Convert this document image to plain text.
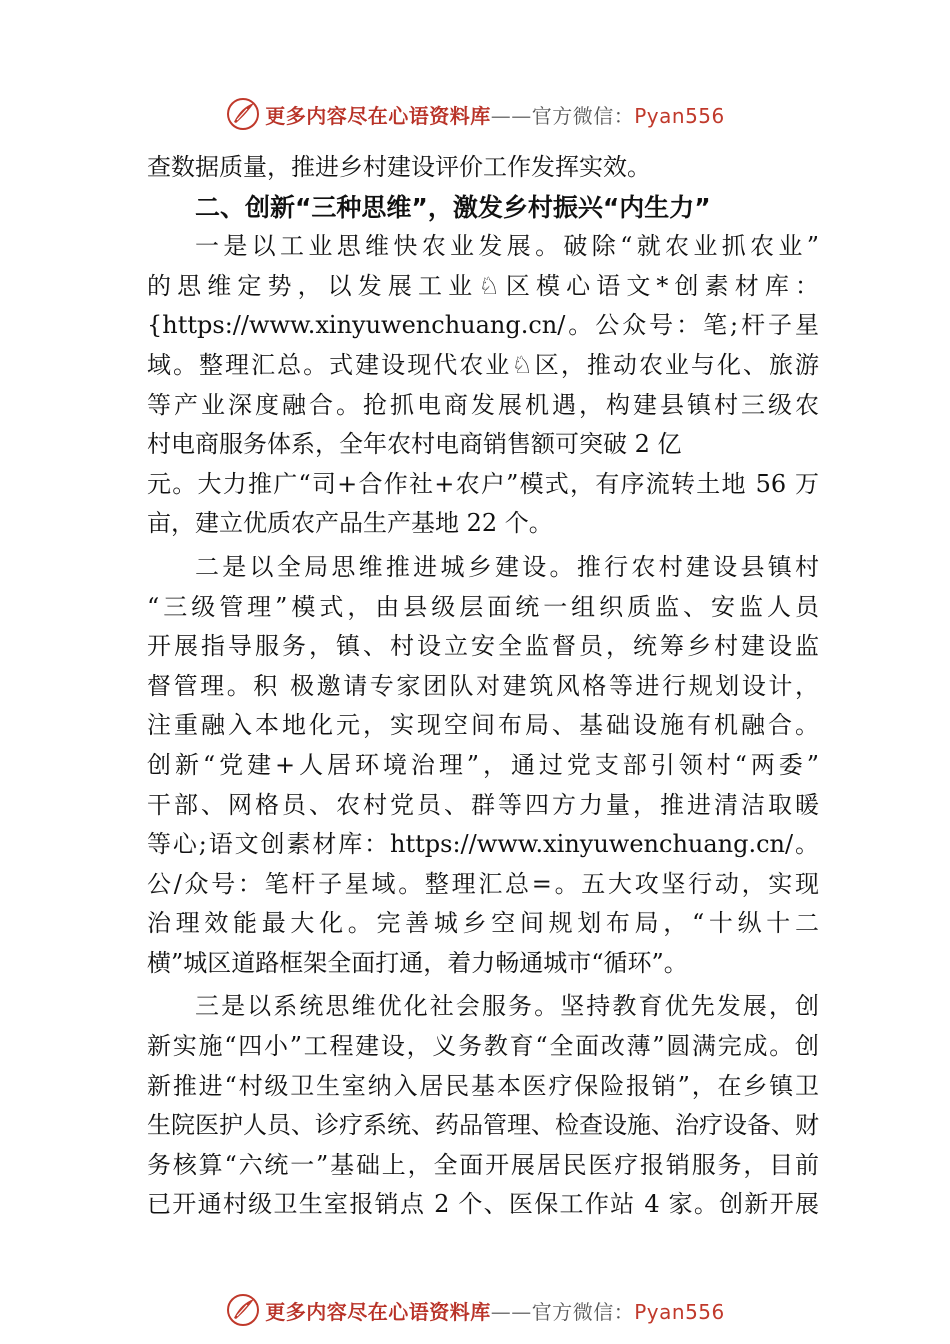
更多内容尽在心语资料库——官方微信：Pyan556
查数据质量，推进乡村建设评价工作发挥实效。
二、创新“三种思维”，激发乡村振兴“内生力”
一是以工业思维快农业发展。破除“就农业抓农业”
的思维定势，以发展工业♘区模心语文*创素材库：
{https://www.xinyuwenchuang.cn/。公众号：笔;杆子星
域。整理汇总。式建设现代农业♘区，推动农业与化、旅游
等产业深度融合。抢抓电商发展机遇，构建县镇村三级农
村电商服务体系，全年农村电商销售额可突破 2 亿
元。大力推广“司+合作社+农户”模式，有序流转土地 56 万
亩，建立优质农产品生产基地 22 个。
二是以全局思维推进城乡建设。推行农村建设县镇村
“三级管理”模式，由县级层面统一组织质监、安监人员
开展指导服务，镇、村设立安全监督员，统筹乡村建设监
督管理。积 极邀请专家团队对建筑风格等进行规划设计，
注重融入本地化元，实现空间布局、基础设施有机融合。
创新“党建+人居环境治理”，通过党支部引领村“两委”
干部、网格员、农村党员、群等四方力量，推进清洁取暖
等心;语文创素材库：https://www.xinyuwenchuang.cn/。
公/众号：笔杆子星域。整理汇总=。五大攻坚行动，实现
治理效能最大化。完善城乡空间规划布局，“十纵十二
横”城区道路框架全面打通，着力畅通城市“循环”。
三是以系统思维优化社会服务。坚持教育优先发展，创
新实施“四小”工程建设，义务教育“全面改薄”圆满完成。创
新推进“村级卫生室纳入居民基本医疗保险报销”，在乡镇卫
生院医护人员、诊疗系统、药品管理、检查设施、治疗设备、财
务核算“六统一”基础上，全面开展居民医疗报销服务，目前
已开通村级卫生室报销点 2 个、医保工作站 4 家。创新开展
更多内容尽在心语资料库——官方微信：Pyan556
